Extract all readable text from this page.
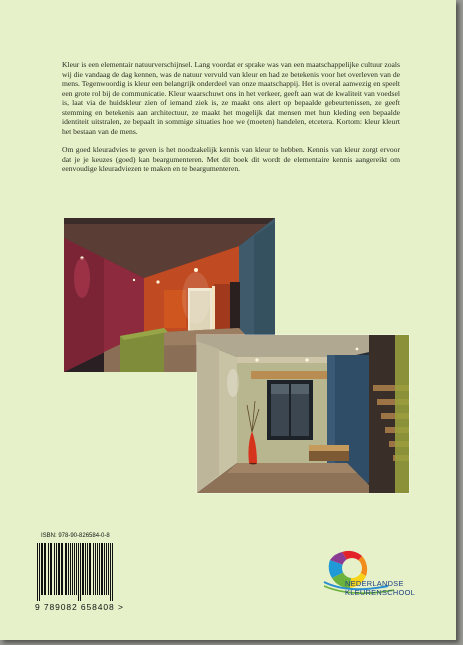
Kleur is een elementair natuurverschijnsel. Lang voordat er sprake was van een maatschappelijke cultuur zoals wij die vandaag de dag kennen, was de natuur vervuld van kleur en had ze betekenis voor het overleven van de mens. Tegenwoordig is kleur een belangrijk onderdeel van onze maatschappij. Het is overal aanwezig en speelt een grote rol bij de communicatie. Kleur waarschuwt ons in het verkeer, geeft aan wat de kwaliteit van voedsel is, laat via de huidskleur zien of iemand ziek is, ze maakt ons alert op bepaalde gebeurtenissen, ze geeft stemming en betekenis aan architectuur, ze maakt het mogelijk dat mensen met hun kleding een bepaalde identiteit uitstralen, ze bepaalt in sommige situaties hoe we (moeten) handelen, etcetera. Kortom: kleur kleurt het bestaan van de mens.

Om goed kleuradvies te geven is het noodzakelijk kennis van kleur te hebben. Kennis van kleur zorgt ervoor dat je je keuzes (goed) kan beargumenteren. Met dit boek dit wordt de elementaire kennis aangereikt om eenvoudige kleuradviezen te maken en te beargumenteren.

ISBN: 978-90-826584-0-8
9 789082 658408 >
NEDERLANDSE
KLEURENSCHOOL
